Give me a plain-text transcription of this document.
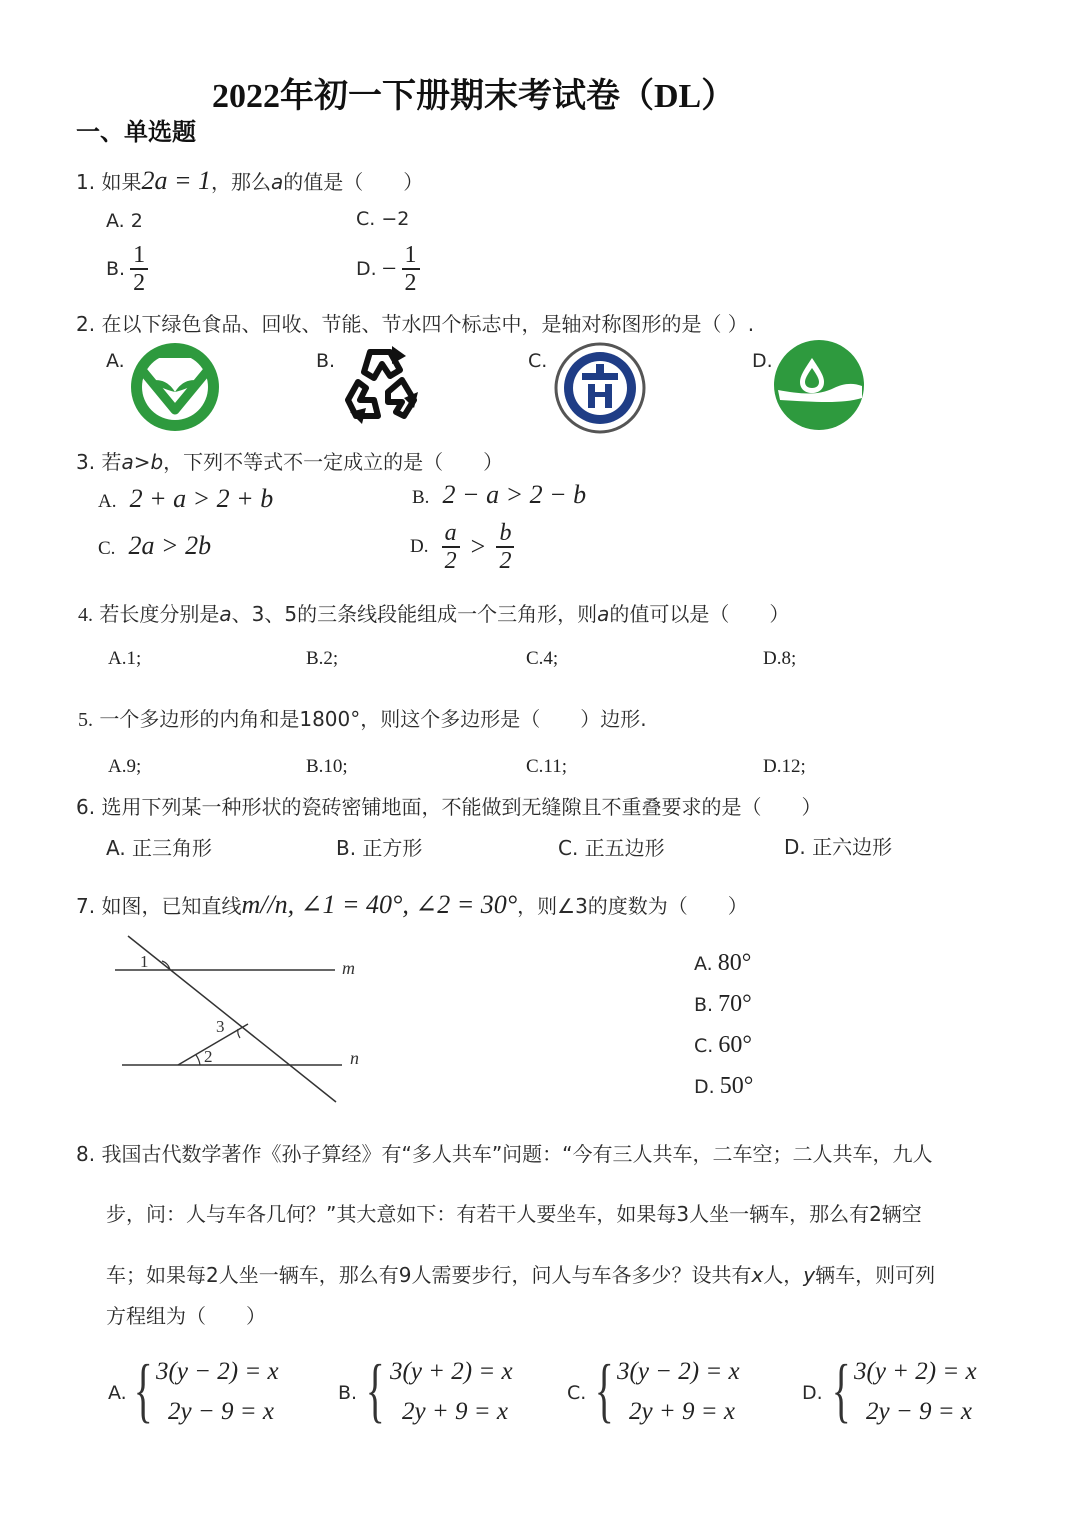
2022年初一下册期末考试卷（DL）
一、单选题
1. 如果2a = 1，那么a的值是（　　）
A. 2	C. −2
B. $\frac{1}{2}$	D. − $\frac{1}{2}$
2. 在以下绿色食品、回收、节能、节水四个标志中，是轴对称图形的是（ ）.
A.	B.	C.	D.
3. 若a>b，下列不等式不一定成立的是（　　）
A. 2 + a > 2 + b	B. 2 − a > 2 − b
C. 2a > 2b	D. $\frac{a}{2} > \frac{b}{2}$
4. 若长度分别是a、3、5的三条线段能组成一个三角形，则a的值可以是（　　）
A.1;	B.2;	C.4;	D.8;
5. 一个多边形的内角和是1800°，则这个多边形是（　　）边形.
A.9;	B.10;	C.11;	D.12;
6. 选用下列某一种形状的瓷砖密铺地面，不能做到无缝隙且不重叠要求的是（　　）
A. 正三角形	B. 正方形	C. 正五边形	D. 正六边形
7. 如图，已知直线m//n, ∠1 = 40°, ∠2 = 30°，则∠3的度数为（　　）
1
2
3
m
n
A. 80°
B. 70°
C. 60°
D. 50°
8. 我国古代数学著作《孙子算经》有“多人共车”问题：“今有三人共车，二车空；二人共车，九人
步，问：人与车各几何？”其大意如下：有若干人要坐车，如果每3人坐一辆车，那么有2辆空
车；如果每2人坐一辆车，那么有9人需要步行，问人与车各多少？设共有x人，y辆车，则可列
方程组为（　　）
A. { 3(y − 2) = x
2y − 9 = x
B. { 3(y + 2) = x
2y + 9 = x
C. { 3(y − 2) = x
2y + 9 = x
D. { 3(y + 2) = x
2y − 9 = x
